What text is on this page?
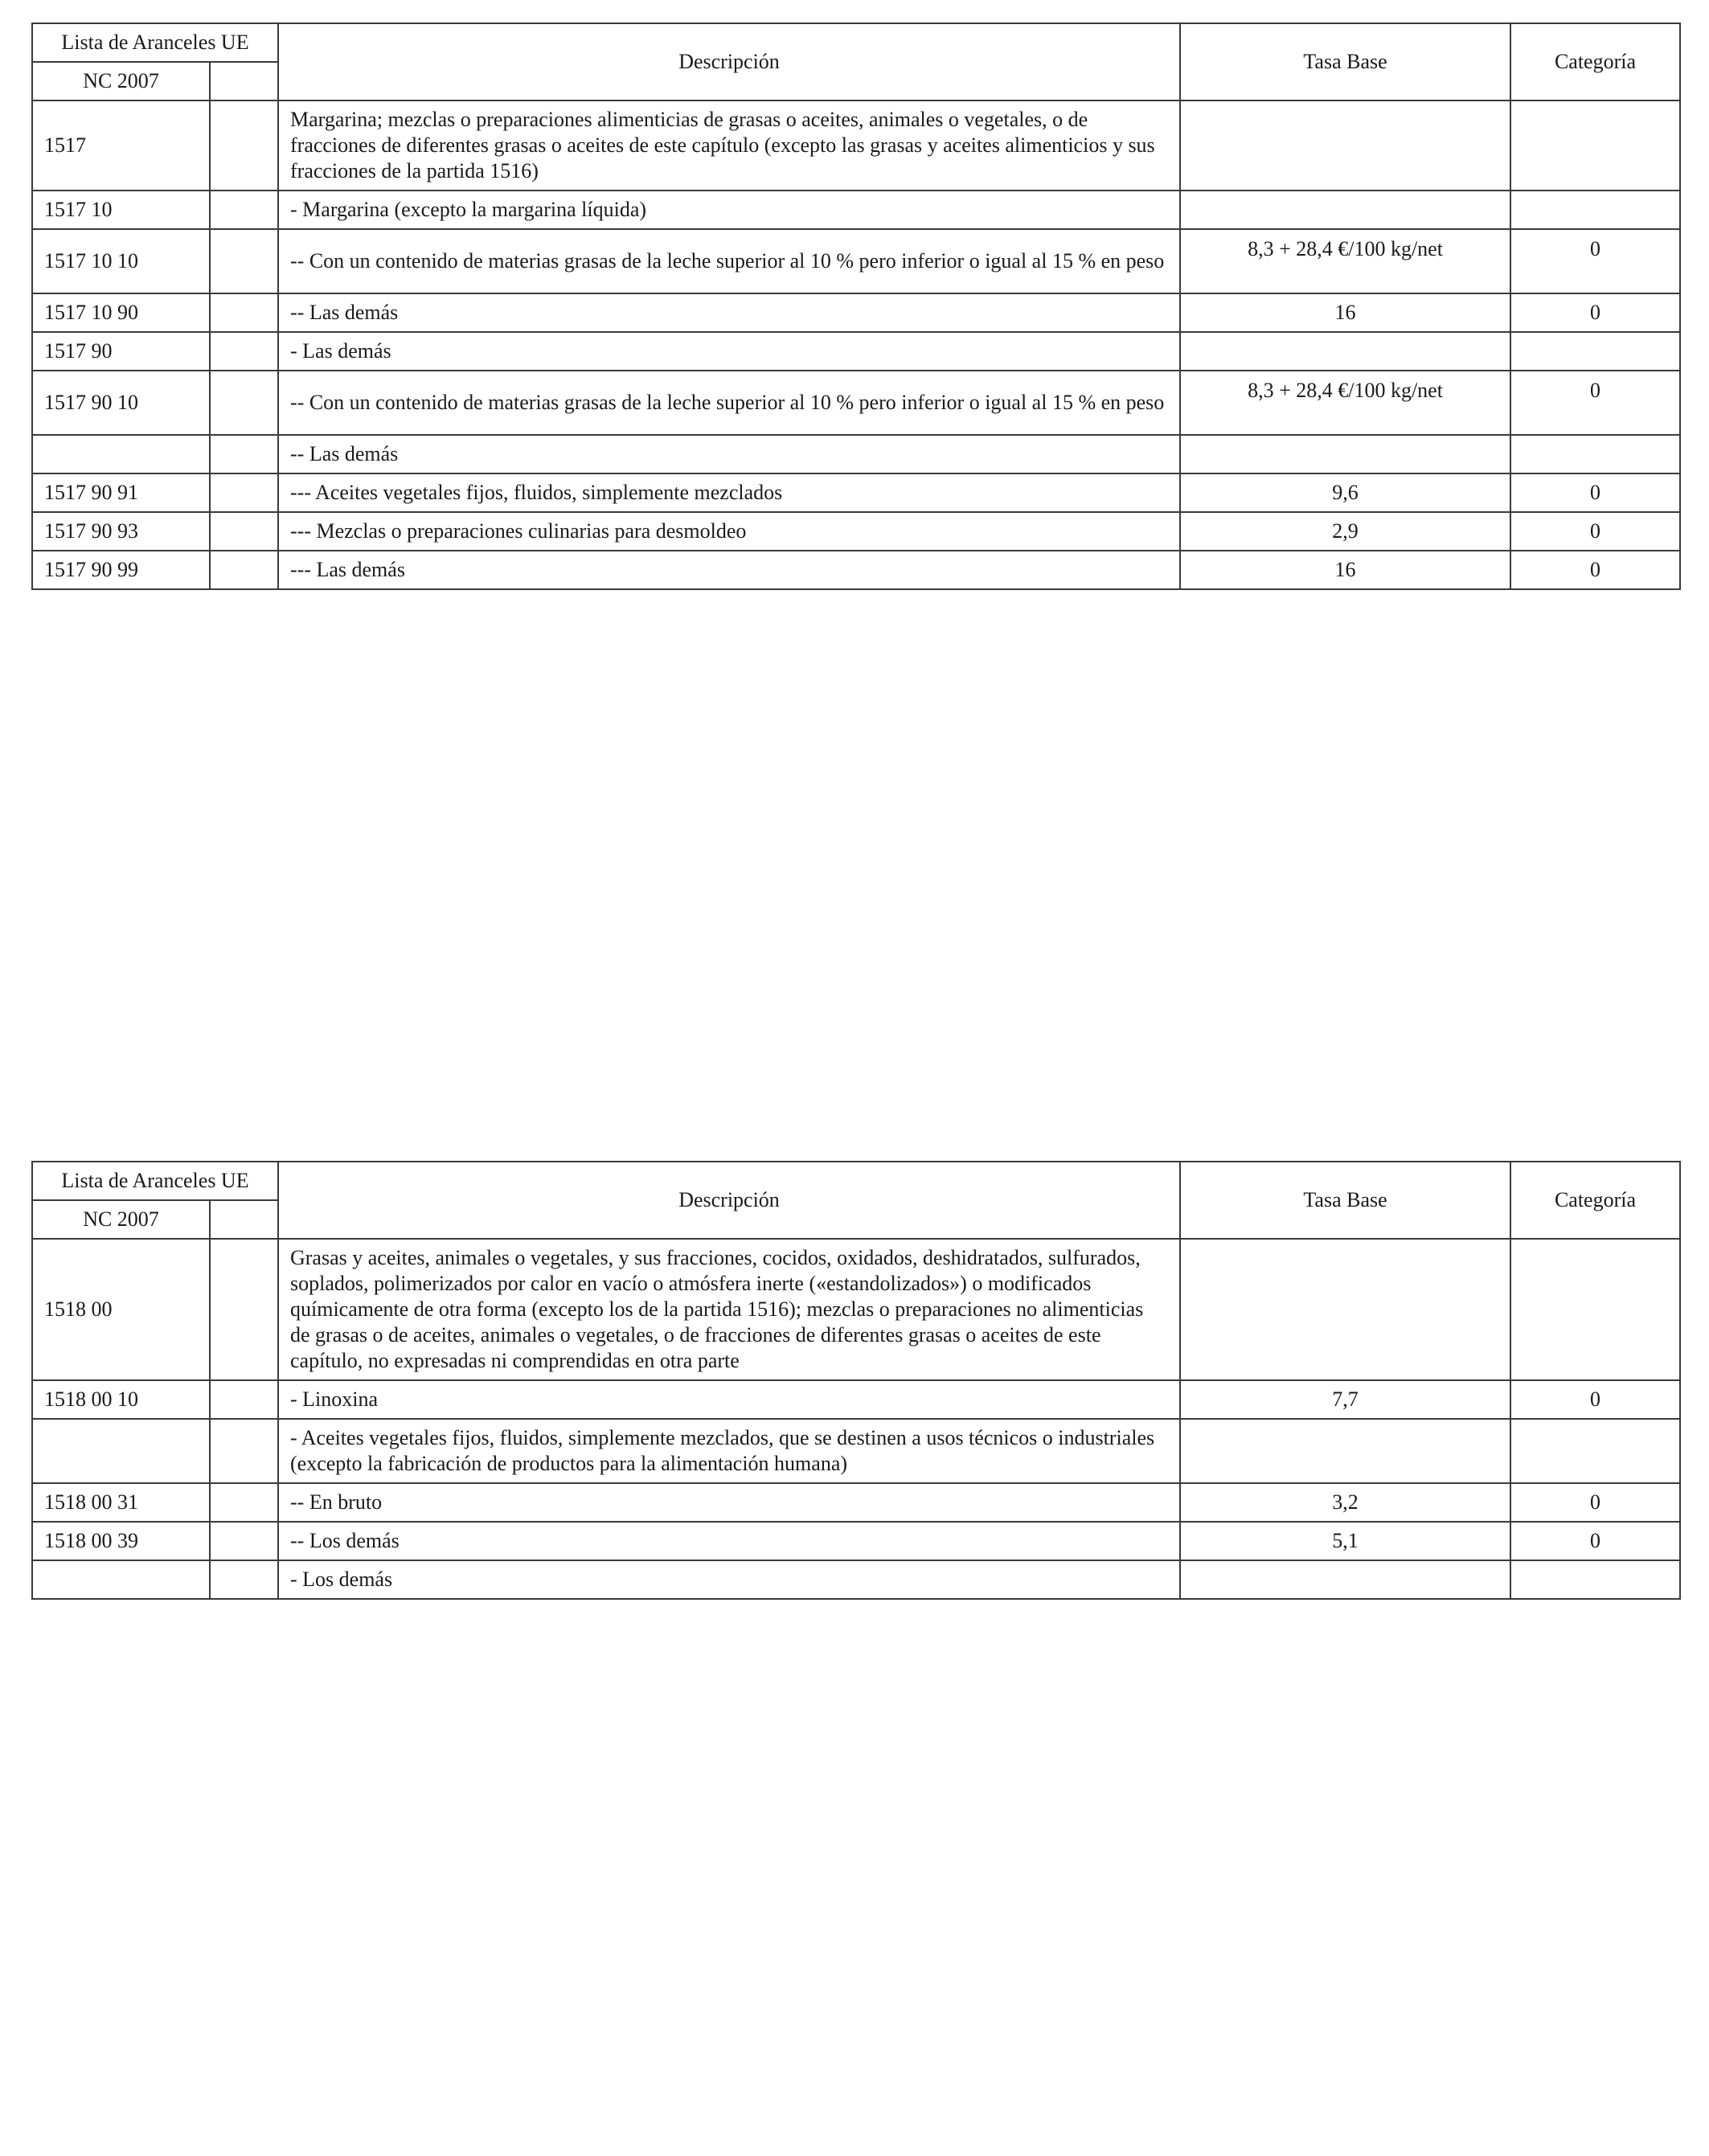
Lista de Aranceles UE		Descripción	Tasa Base	Categoría
NC 2007				
1517		Margarina; mezclas o preparaciones alimenticias de grasas o aceites, animales o vegetales, o de fracciones de diferentes grasas o aceites de este capítulo (excepto las grasas y aceites alimenticios y sus fracciones de la partida 1516)		
1517 10		- Margarina (excepto la margarina líquida)		
1517 10 10		-- Con un contenido de materias grasas de la leche superior al 10 % pero inferior o igual al 15 % en peso	8,3 + 28,4 €/100 kg/net	0
1517 10 90		-- Las demás	16	0
1517 90		- Las demás		
1517 90 10		-- Con un contenido de materias grasas de la leche superior al 10 % pero inferior o igual al 15 % en peso	8,3 + 28,4 €/100 kg/net	0
		-- Las demás		
1517 90 91		--- Aceites vegetales fijos, fluidos, simplemente mezclados	9,6	0
1517 90 93		--- Mezclas o preparaciones culinarias para desmoldeo	2,9	0
1517 90 99		--- Las demás	16	0
Lista de Aranceles UE		Descripción	Tasa Base	Categoría
NC 2007				
1518 00		Grasas y aceites, animales o vegetales, y sus fracciones, cocidos, oxidados, deshidratados, sulfurados, soplados, polimerizados por calor en vacío o atmósfera inerte («estandolizados») o modificados químicamente de otra forma (excepto los de la partida 1516); mezclas o preparaciones no alimenticias de grasas o de aceites, animales o vegetales, o de fracciones de diferentes grasas o aceites de este capítulo, no expresadas ni comprendidas en otra parte		
1518 00 10		- Linoxina	7,7	0
		- Aceites vegetales fijos, fluidos, simplemente mezclados, que se destinen a usos técnicos o industriales (excepto la fabricación de productos para la alimentación humana)		
1518 00 31		-- En bruto	3,2	0
1518 00 39		-- Los demás	5,1	0
		- Los demás		
